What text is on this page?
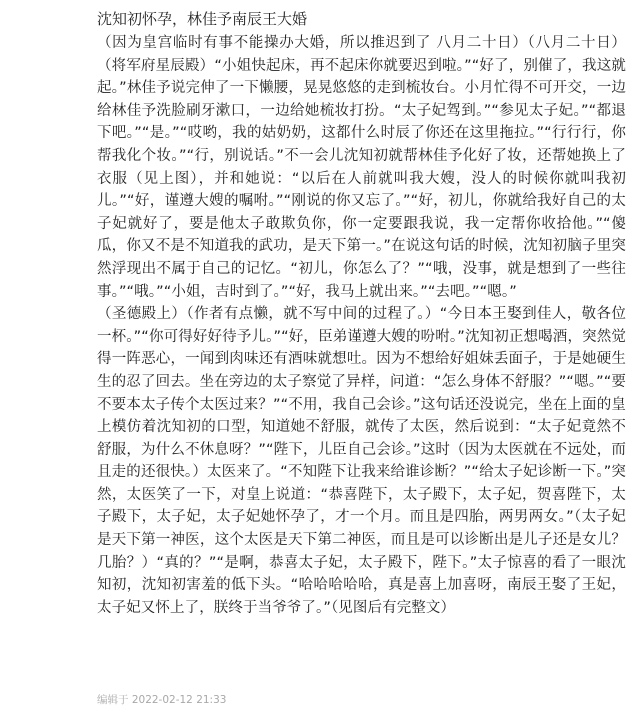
沈知初怀孕，林佳予南辰王大婚

（因为皇宫临时有事不能操办大婚，所以推迟到了 八月二十日）（八月二十日）（将军府星辰殿）“小姐快起床，再不起床你就要迟到啦。”“好了，别催了，我这就起。”林佳予说完伸了一下懒腰，晃晃悠悠的走到梳妆台。小月忙得不可开交，一边给林佳予洗脸刷牙漱口，一边给她梳妆打扮。“太子妃驾到。”“参见太子妃。”“都退下吧。”“是。”“哎哟，我的姑奶奶，这都什么时辰了你还在这里拖拉。”“行行行，你帮我化个妆。”“行，别说话。”不一会儿沈知初就帮林佳予化好了妆，还帮她换上了衣服（见上图），并和她说：“以后在人前就叫我大嫂，没人的时候你就叫我初儿。”“好，谨遵大嫂的嘱咐。”“刚说的你又忘了。”“好，初儿，你就给我好自己的太子妃就好了，要是他太子敢欺负你，你一定要跟我说，我一定帮你收拾他。”“傻瓜，你又不是不知道我的武功，是天下第一。”在说这句话的时候，沈知初脑子里突然浮现出不属于自己的记忆。“初儿，你怎么了？”“哦，没事，就是想到了一些往事。”“哦。”“小姐，吉时到了。”“好，我马上就出来。”“去吧。”“嗯。”

（圣德殿上）（作者有点懒，就不写中间的过程了。）“今日本王娶到佳人，敬各位一杯。”“你可得好好待予儿。”“好，臣弟谨遵大嫂的吩咐。”沈知初正想喝酒，突然觉得一阵恶心，一闻到肉味还有酒味就想吐。因为不想给好姐妹丢面子，于是她硬生生的忍了回去。坐在旁边的太子察觉了异样，问道：“怎么身体不舒服？”“嗯。”“要不要本太子传个太医过来？”“不用，我自己会诊。”这句话还没说完，坐在上面的皇上模仿着沈知初的口型，知道她不舒服，就传了太医，然后说到：“太子妃竟然不舒服，为什么不休息呀？”“陛下，儿臣自己会诊。”这时（因为太医就在不远处，而且走的还很快。）太医来了。“不知陛下让我来给谁诊断？”“给太子妃诊断一下。”突然，太医笑了一下，对皇上说道：“恭喜陛下，太子殿下，太子妃，贺喜陛下，太子殿下，太子妃，太子妃她怀孕了，才一个月。而且是四胎，两男两女。”（太子妃是天下第一神医，这个太医是天下第二神医，而且是可以诊断出是儿子还是女儿？几胎？）“真的？”“是啊，恭喜太子妃，太子殿下，陛下。”太子惊喜的看了一眼沈知初，沈知初害羞的低下头。“哈哈哈哈哈，真是喜上加喜呀，南辰王娶了王妃，太子妃又怀上了，朕终于当爷爷了。”（见图后有完整文）

编辑于 2022-02-12 21:33
